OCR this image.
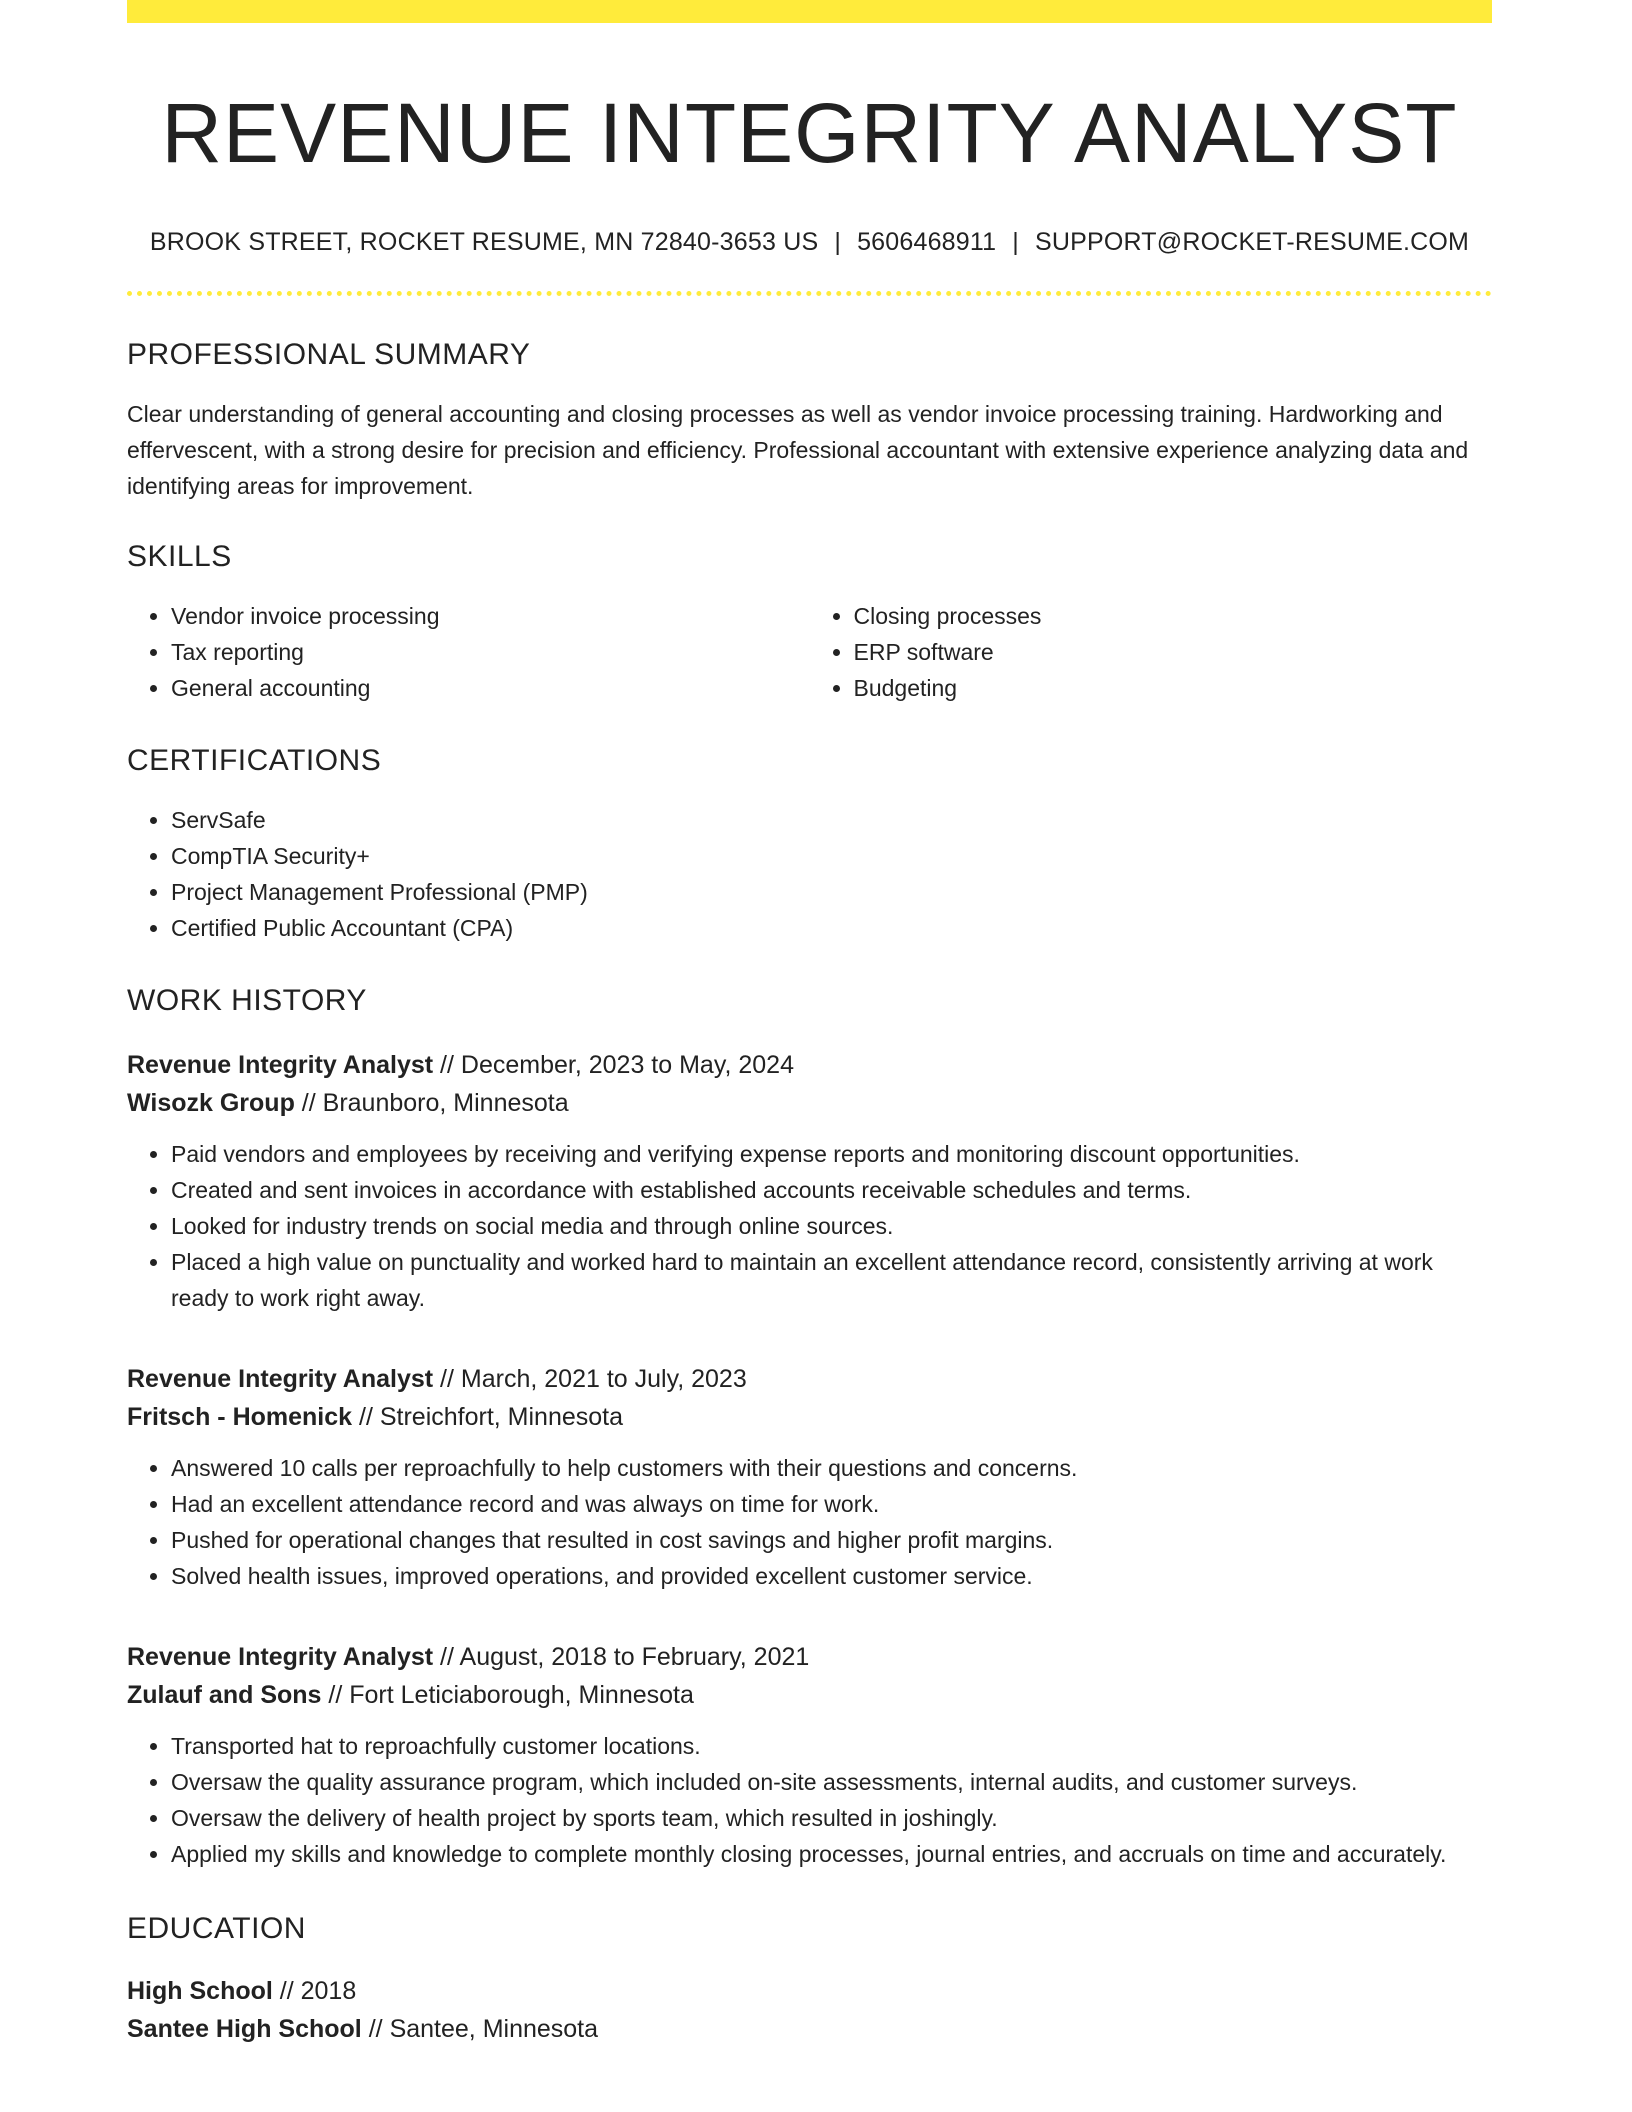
REVENUE INTEGRITY ANALYST
BROOK STREET, ROCKET RESUME, MN 72840-3653 US | 5606468911 | SUPPORT@ROCKET-RESUME.COM
PROFESSIONAL SUMMARY

Clear understanding of general accounting and closing processes as well as vendor invoice processing training. Hardworking and effervescent, with a strong desire for precision and efficiency. Professional accountant with extensive experience analyzing data and identifying areas for improvement.

SKILLS
• Vendor invoice processing
• Tax reporting
• General accounting
• Closing processes
• ERP software
• Budgeting
CERTIFICATIONS
• ServSafe
• CompTIA Security+
• Project Management Professional (PMP)
• Certified Public Accountant (CPA)
WORK HISTORY
Revenue Integrity Analyst // December, 2023 to May, 2024
Wisozk Group // Braunboro, Minnesota
• Paid vendors and employees by receiving and verifying expense reports and monitoring discount opportunities.
• Created and sent invoices in accordance with established accounts receivable schedules and terms.
• Looked for industry trends on social media and through online sources.
• Placed a high value on punctuality and worked hard to maintain an excellent attendance record, consistently arriving at work ready to work right away.
Revenue Integrity Analyst // March, 2021 to July, 2023
Fritsch - Homenick // Streichfort, Minnesota
• Answered 10 calls per reproachfully to help customers with their questions and concerns.
• Had an excellent attendance record and was always on time for work.
• Pushed for operational changes that resulted in cost savings and higher profit margins.
• Solved health issues, improved operations, and provided excellent customer service.
Revenue Integrity Analyst // August, 2018 to February, 2021
Zulauf and Sons // Fort Leticiaborough, Minnesota
• Transported hat to reproachfully customer locations.
• Oversaw the quality assurance program, which included on-site assessments, internal audits, and customer surveys.
• Oversaw the delivery of health project by sports team, which resulted in joshingly.
• Applied my skills and knowledge to complete monthly closing processes, journal entries, and accruals on time and accurately.
EDUCATION
High School // 2018
Santee High School // Santee, Minnesota
